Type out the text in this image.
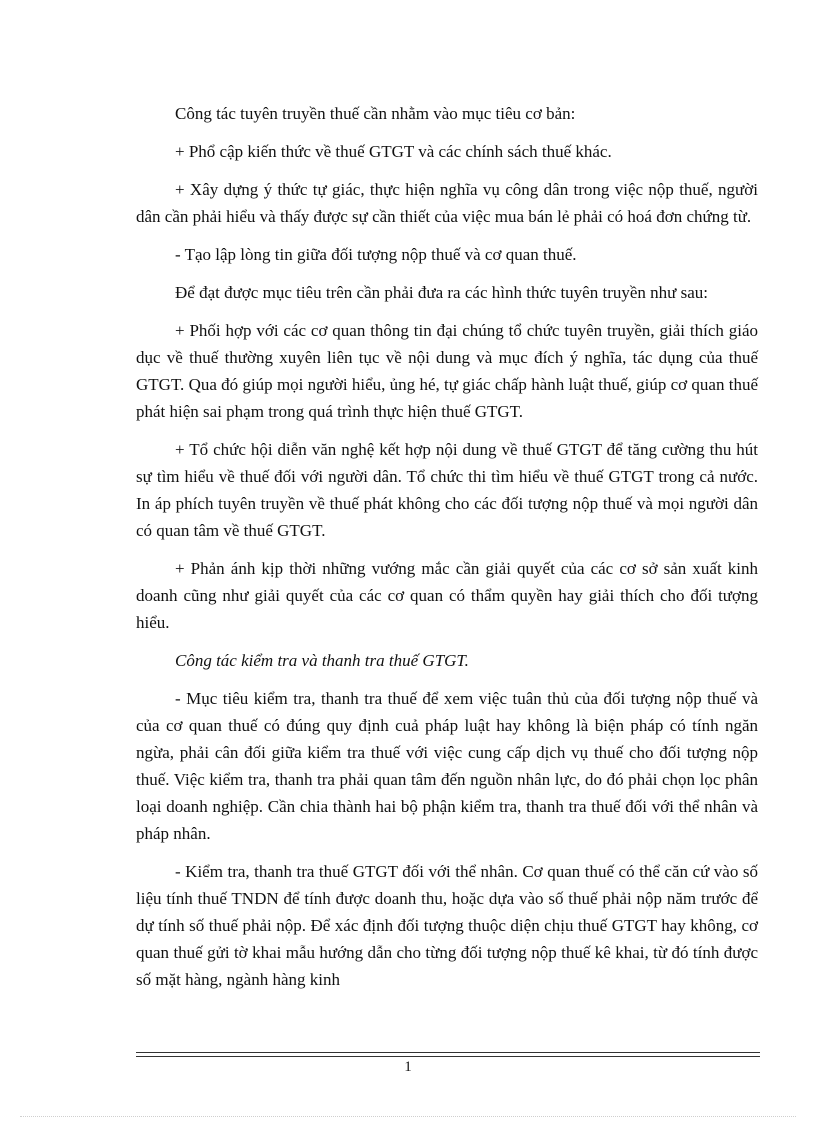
Công tác tuyên truyền thuế cần nhằm vào mục tiêu cơ bản:

+ Phổ cập kiến thức về thuế GTGT và các chính sách thuế khác.

+ Xây dựng ý thức tự giác, thực hiện nghĩa vụ công dân trong việc nộp thuế, người dân cần phải hiểu và thấy được sự cần thiết của việc mua bán lẻ phải có hoá đơn chứng từ.

- Tạo lập lòng tin giữa đối tượng nộp thuế và cơ quan thuế.

Để đạt được mục tiêu trên cần phải đưa ra các hình thức tuyên truyền như sau:

+ Phối hợp với các cơ quan thông tin đại chúng tổ chức tuyên truyền, giải thích giáo dục về thuế thường xuyên liên tục về nội dung và mục đích ý nghĩa, tác dụng của thuế GTGT. Qua đó giúp mọi người hiểu, ủng hé, tự giác chấp hành luật thuế, giúp cơ quan thuế phát hiện sai phạm trong quá trình thực hiện thuế GTGT.

+ Tổ chức hội diễn văn nghệ kết hợp nội dung về thuế GTGT để tăng cường thu hút sự tìm hiểu về thuế đối với người dân. Tổ chức thi tìm hiểu về thuế GTGT trong cả nước. In áp phích tuyên truyền về thuế phát không cho các đối tượng nộp thuế và mọi người dân có quan tâm về thuế GTGT.

+ Phản ánh kịp thời những vướng mắc cần giải quyết của các cơ sở sản xuất kinh doanh cũng như giải quyết của các cơ quan có thẩm quyền hay giải thích cho đối tượng hiểu.

Công tác kiểm tra và thanh tra thuế GTGT.

- Mục tiêu kiểm tra, thanh tra thuế để xem việc tuân thủ của đối tượng nộp thuế và của cơ quan thuế có đúng quy định cuả pháp luật hay không là biện pháp có tính ngăn ngừa, phải cân đối giữa kiểm tra thuế với việc cung cấp dịch vụ thuế cho đối tượng nộp thuế. Việc kiểm tra, thanh tra phải quan tâm đến nguồn nhân lực, do đó phải chọn lọc phân loại doanh nghiệp. Cần chia thành hai bộ phận kiểm tra, thanh tra thuế đối với thể nhân và pháp nhân.

- Kiểm tra, thanh tra thuế GTGT đối với thể nhân. Cơ quan thuế có thể căn cứ vào số liệu tính thuế TNDN để tính được doanh thu, hoặc dựa vào số thuế phải nộp năm trước để dự tính số thuế phải nộp. Để xác định đối tượng thuộc diện chịu thuế GTGT hay không, cơ quan thuế gửi tờ khai mẫu hướng dẫn cho từng đối tượng nộp thuế kê khai, từ đó tính được số mặt hàng, ngành hàng kinh

1
